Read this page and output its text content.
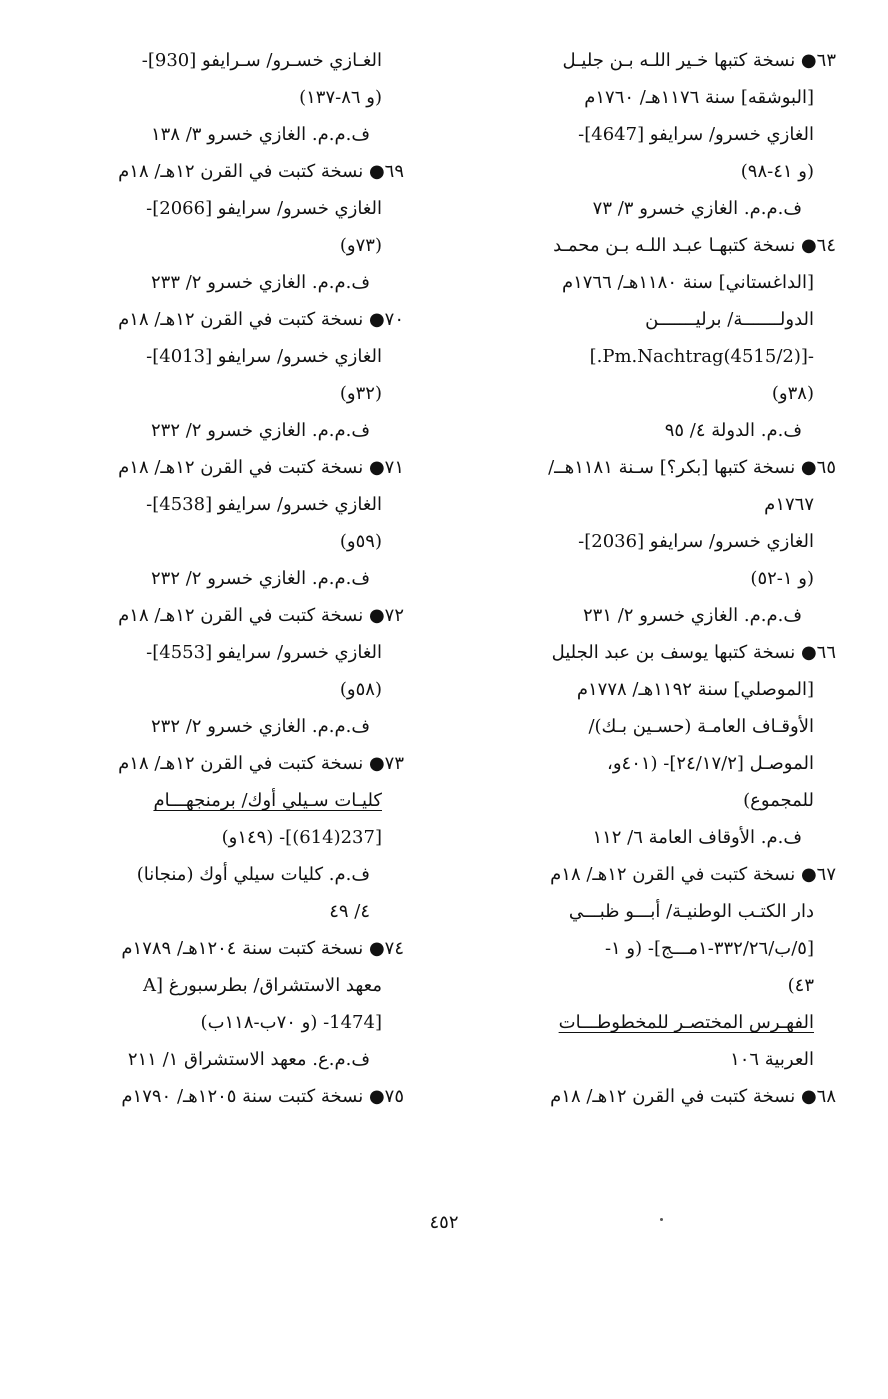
٦٣● نسخة كتبها خـير اللـه بـن جليـل
[البوشقه] سنة ١١٧٦هـ/ ١٧٦٠م
الغازي خسرو/ سرايفو [4647]-
(و ٤١-٩٨)
ف.م.م. الغازي خسرو ٣/ ٧٣
٦٤● نسخة كتبهـا عبـد اللـه بـن محمـد
[الداغستاني] سنة ١١٨٠هـ/ ١٧٦٦م
الدولـــــــة/ برليـــــــن
-[(4515/2)Pm.Nachtrag.]
(٣٨و)
ف.م. الدولة ٤/ ٩٥
٦٥● نسخة كتبها [بكر؟] سـنة ١١٨١هــ/
١٧٦٧م
الغازي خسرو/ سرايفو [2036]-
(و ١-٥٢)
ف.م.م. الغازي خسرو ٢/ ٢٣١
٦٦● نسخة كتبها يوسف بن عبد الجليل
[الموصلي] سنة ١١٩٢هـ/ ١٧٧٨م
الأوقـاف العامـة (حسـين بـك)/
الموصـل [٢٤/١٧/٢]- (٤٠١و،
للمجموع)
ف.م. الأوقاف العامة ٦/ ١١٢
٦٧● نسخة كتبت في القرن ١٢هـ/ ١٨م
دار الكتـب الوطنيـة/ أبـــو ظبـــي
[٥/ب/٣٣٢/٢٦-١مـــج]- (و ١-
٤٣)
الفهـرس المختصـر للمخطوطـــات
العربية ١٠٦
٦٨● نسخة كتبت في القرن ١٢هـ/ ١٨م
الغـازي خسـرو/ سـرايفو [930]-
(و ٨٦-١٣٧)
ف.م.م. الغازي خسرو ٣/ ١٣٨
٦٩● نسخة كتبت في القرن ١٢هـ/ ١٨م
الغازي خسرو/ سرايفو [2066]-
(٧٣و)
ف.م.م. الغازي خسرو ٢/ ٢٣٣
٧٠● نسخة كتبت في القرن ١٢هـ/ ١٨م
الغازي خسرو/ سرايفو [4013]-
(٣٢و)
ف.م.م. الغازي خسرو ٢/ ٢٣٢
٧١● نسخة كتبت في القرن ١٢هـ/ ١٨م
الغازي خسرو/ سرايفو [4538]-
(٥٩و)
ف.م.م. الغازي خسرو ٢/ ٢٣٢
٧٢● نسخة كتبت في القرن ١٢هـ/ ١٨م
الغازي خسرو/ سرايفو [4553]-
(٥٨و)
ف.م.م. الغازي خسرو ٢/ ٢٣٢
٧٣● نسخة كتبت في القرن ١٢هـ/ ١٨م
كليـات سـيلي أوك/ برمنجهـــام
[237(614)]- (١٤٩و)
ف.م. كليات سيلي أوك (منجانا)
٤/ ٤٩
٧٤● نسخة كتبت سنة ١٢٠٤هـ/ ١٧٨٩م
معهد الاستشراق/ بطرسبورغ [A
[1474- (و ٧٠ب-١١٨ب)
ف.م.ع. معهد الاستشراق ١/ ٢١١
٧٥● نسخة كتبت سنة ١٢٠٥هـ/ ١٧٩٠م
٤٥٢
